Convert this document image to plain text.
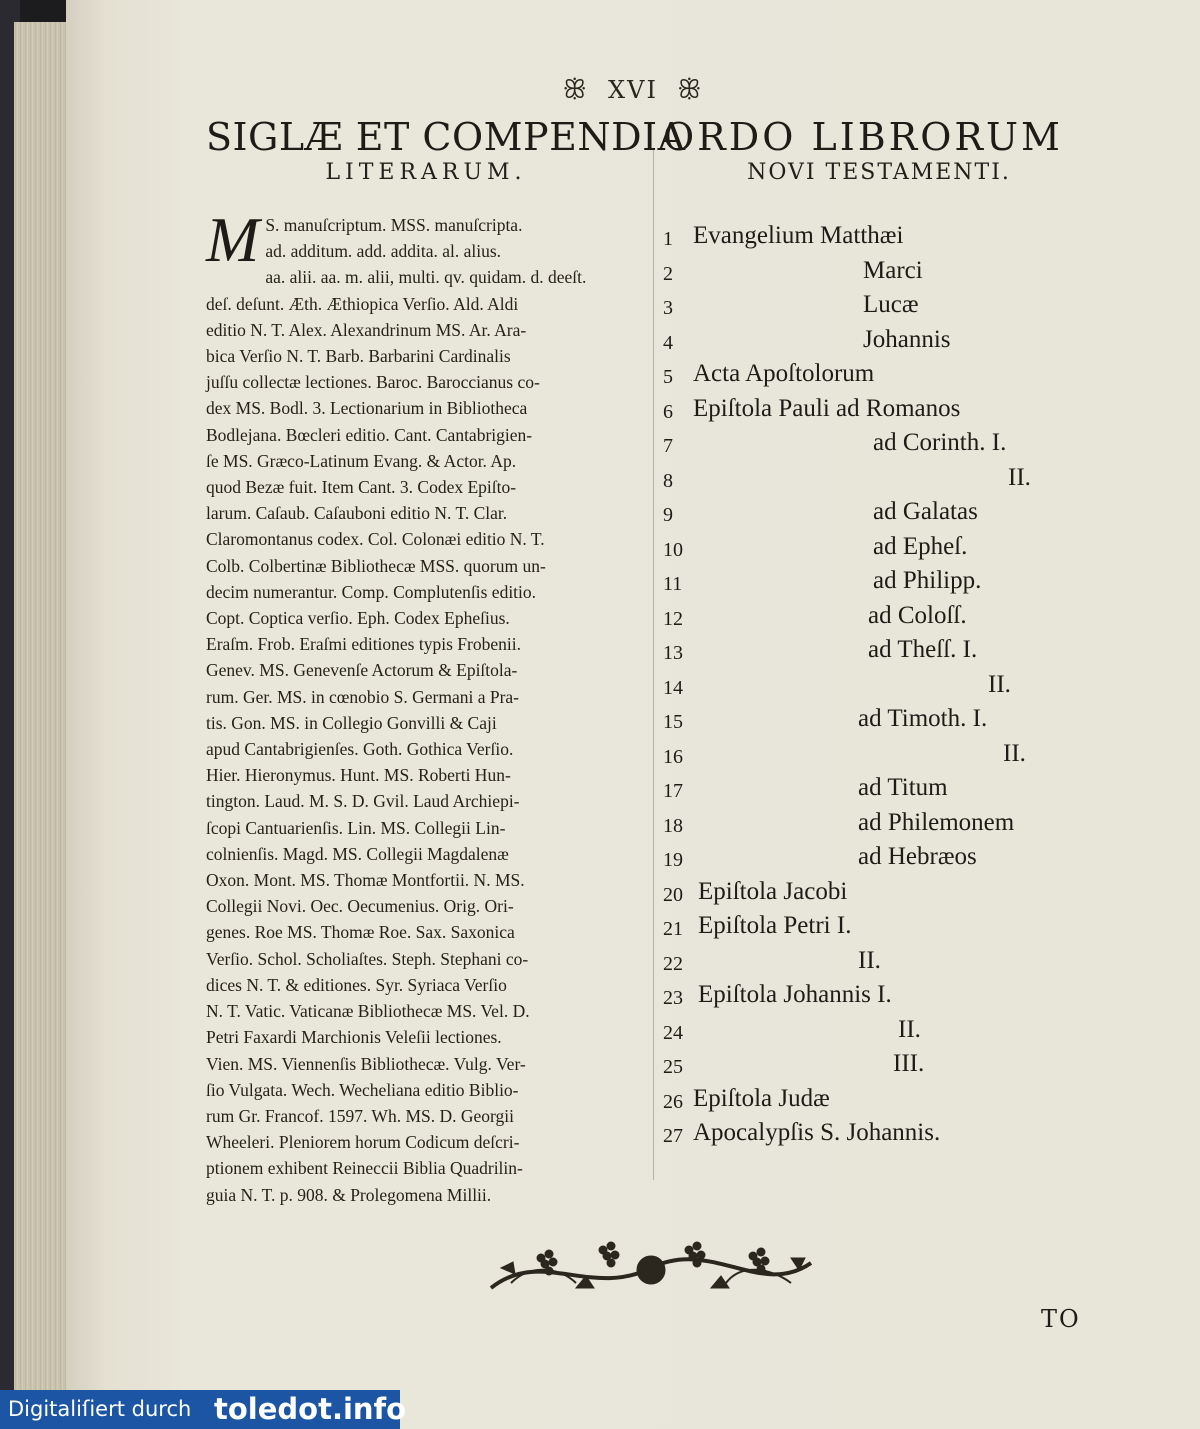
ꕥ XVI ꕥ
SIGLÆ ET COMPENDIA
LITERARUM.
ORDO LIBRORUM
NOVI TESTAMENTI.
M S. manuſcriptum. MSS. manuſcripta.
ad. additum. add. addita. al. alius.
aa. alii. aa. m. alii, multi. qv. quidam. d. deeſt.
deſ. deſunt. Æth. Æthiopica Verſio. Ald. Aldi
editio N. T. Alex. Alexandrinum MS. Ar. Ara-
bica Verſio N. T. Barb. Barbarini Cardinalis
juſſu collectæ lectiones. Baroc. Baroccianus co-
dex MS. Bodl. 3. Lectionarium in Bibliotheca
Bodlejana. Bœcleri editio. Cant. Cantabrigien-
ſe MS. Græco-Latinum Evang. & Actor. Ap.
quod Bezæ fuit. Item Cant. 3. Codex Epiſto-
larum. Caſaub. Caſauboni editio N. T. Clar.
Claromontanus codex. Col. Colonæi editio N. T.
Colb. Colbertinæ Bibliothecæ MSS. quorum un-
decim numerantur. Comp. Complutenſis editio.
Copt. Coptica verſio. Eph. Codex Epheſius.
Eraſm. Frob. Eraſmi editiones typis Frobenii.
Genev. MS. Genevenſe Actorum & Epiſtola-
rum. Ger. MS. in cœnobio S. Germani a Pra-
tis. Gon. MS. in Collegio Gonvilli & Caji
apud Cantabrigienſes. Goth. Gothica Verſio.
Hier. Hieronymus. Hunt. MS. Roberti Hun-
tington. Laud. M. S. D. Gvil. Laud Archiepi-
ſcopi Cantuarienſis. Lin. MS. Collegii Lin-
colnienſis. Magd. MS. Collegii Magdalenæ
Oxon. Mont. MS. Thomæ Montfortii. N. MS.
Collegii Novi. Oec. Oecumenius. Orig. Ori-
genes. Roe MS. Thomæ Roe. Sax. Saxonica
Verſio. Schol. Scholiaſtes. Steph. Stephani co-
dices N. T. & editiones. Syr. Syriaca Verſio
N. T. Vatic. Vaticanæ Bibliothecæ MS. Vel. D.
Petri Faxardi Marchionis Veleſii lectiones.
Vien. MS. Viennenſis Bibliothecæ. Vulg. Ver-
ſio Vulgata. Wech. Wecheliana editio Biblio-
rum Gr. Francof. 1597. Wh. MS. D. Georgii
Wheeleri. Pleniorem horum Codicum deſcri-
ptionem exhibent Reineccii Biblia Quadrilin-
guia N. T. p. 908. & Prolegomena Millii.
1 Evangelium Matthæi
2	Marci
3	Lucæ
4	Johannis
5 Acta Apoſtolorum
6 Epiſtola Pauli ad Romanos
7	ad Corinth. I.
8	II.
9	ad Galatas
10	ad Epheſ.
11	ad Philipp.
12	ad Coloſſ.
13	ad Theſſ. I.
14	II.
15	ad Timoth. I.
16	II.
17	ad Titum
18	ad Philemonem
19	ad Hebræos
20 Epiſtola Jacobi
21 Epiſtola Petri I.
22	II.
23 Epiſtola Johannis I.
24	II.
25	III.
26 Epiſtola Judæ
27 Apocalypſis S. Johannis.
TO
Digitaliſiert durch toledot.info
